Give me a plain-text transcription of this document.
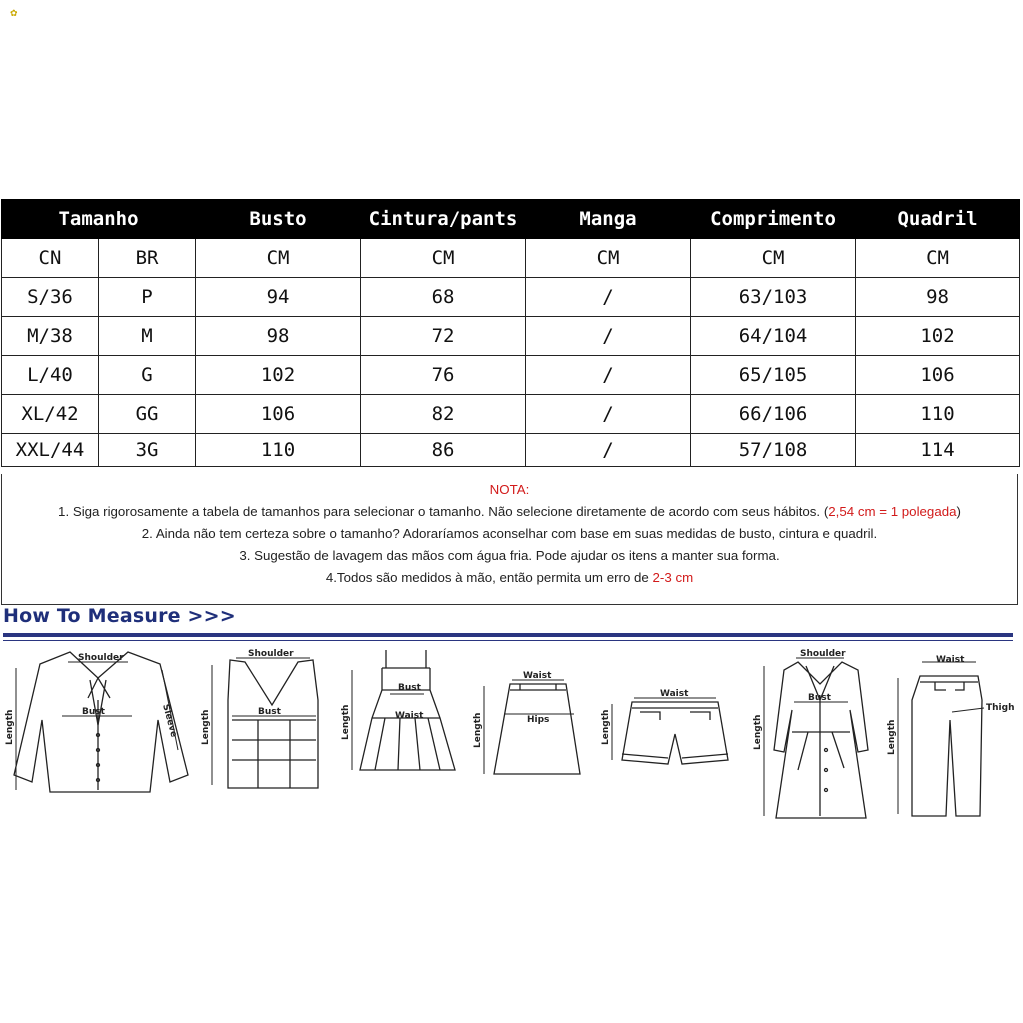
✿
Tamanho		Busto	Cintura/pants	Manga	Comprimento	Quadril
CN	BR	CM	CM	CM	CM	CM
S/36	P	94	68	/	63/103	98
M/38	M	98	72	/	64/104	102
L/40	G	102	76	/	65/105	106
XL/42	GG	106	82	/	66/106	110
XXL/44	3G	110	86	/	57/108	114
NOTA:
1. Siga rigorosamente a tabela de tamanhos para selecionar o tamanho. Não selecione diretamente de acordo com seus hábitos. (2,54 cm = 1 polegada)
2. Ainda não tem certeza sobre o tamanho? Adoraríamos aconselhar com base em suas medidas de busto, cintura e quadril.
3. Sugestão de lavagem das mãos com água fria. Pode ajudar os itens a manter sua forma.
4.Todos são medidos à mão, então permita um erro de 2-3 cm
How To Measure >>>
Shoulder
Bust
Length	Sleeve
Shoulder
Bust
Length
Bust
Waist
Length
Waist
Hips
Length
Waist
Length
Shoulder
Bust
Length
Waist
Thigh
Length
